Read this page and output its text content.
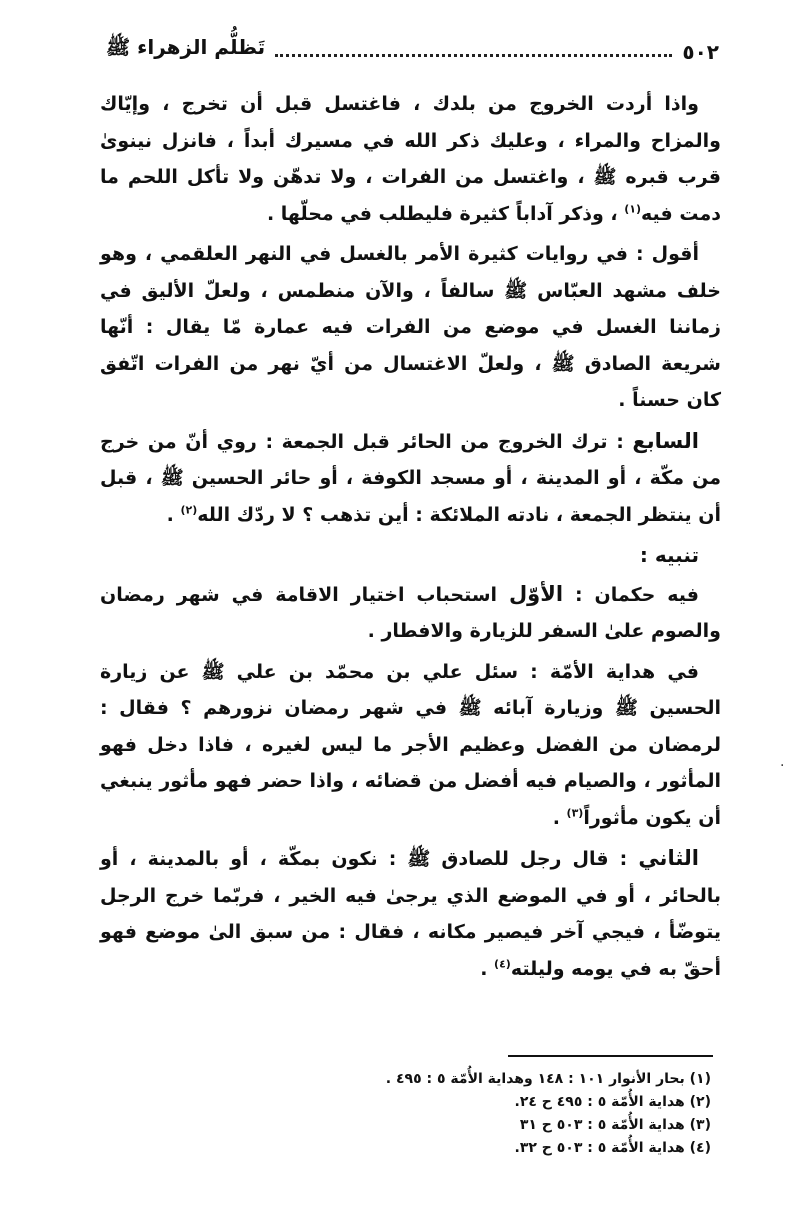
٥٠٢
تَظلُّم الزهراء ﷺ

واذا أردت الخروج من بلدك ، فاغتسل قبل أن تخرج ، وإيّاك والمزاح والمراء ، وعليك ذكر الله في مسيرك أبداً ، فانزل نينوىٰ قرب قبره ﷺ ، واغتسل من الفرات ، ولا تدهّن ولا تأكل اللحم ما دمت فيه$^{(١)}$ ، وذكر آداباً كثيرة فليطلب في محلّها .

أقول : في روايات كثيرة الأمر بالغسل في النهر العلقمي ، وهو خلف مشهد العبّاس ﷺ سالفاً ، والآن منطمس ، ولعلّ الأليق في زماننا الغسل في موضع من الفرات فيه عمارة مّا يقال : أنّها شريعة الصادق ﷺ ، ولعلّ الاغتسال من أيّ نهر من الفرات اتّفق كان حسناً .

السابع : ترك الخروج من الحائر قبل الجمعة : روي أنّ من خرج من مكّة ، أو المدينة ، أو مسجد الكوفة ، أو حائر الحسين ﷺ ، قبل أن ينتظر الجمعة ، نادته الملائكة : أين تذهب ؟ لا ردّك الله$^{(٢)}$ .

تنبيه :

فيه حكمان : الأوّل استحباب اختيار الاقامة في شهر رمضان والصوم علىٰ السفر للزيارة والافطار .

في هداية الأمّة : سئل علي بن محمّد بن علي ﷺ عن زيارة الحسين ﷺ وزيارة آبائه ﷺ في شهر رمضان نزورهم ؟ فقال : لرمضان من الفضل وعظيم الأجر ما ليس لغيره ، فاذا دخل فهو المأثور ، والصيام فيه أفضل من قضائه ، واذا حضر فهو مأثور ينبغي أن يكون مأثوراً$^{(٣)}$ .

الثاني : قال رجل للصادق ﷺ : نكون بمكّة ، أو بالمدينة ، أو بالحائر ، أو في الموضع الذي يرجىٰ فيه الخير ، فربّما خرج الرجل يتوضّأ ، فيجي آخر فيصير مكانه ، فقال : من سبق الىٰ موضع فهو أحقّ به في يومه وليلته$^{(٤)}$ .

·
(١) بحار الأنوار ١٠١ : ١٤٨ وهداية الأُمّة ٥ : ٤٩٥ .
(٢) هداية الأُمّة ٥ : ٤٩٥ ح ٢٤.
(٣) هداية الأُمّة ٥ : ٥٠٣ ح ٣١
(٤) هداية الأُمّة ٥ : ٥٠٣ ح ٣٢.
